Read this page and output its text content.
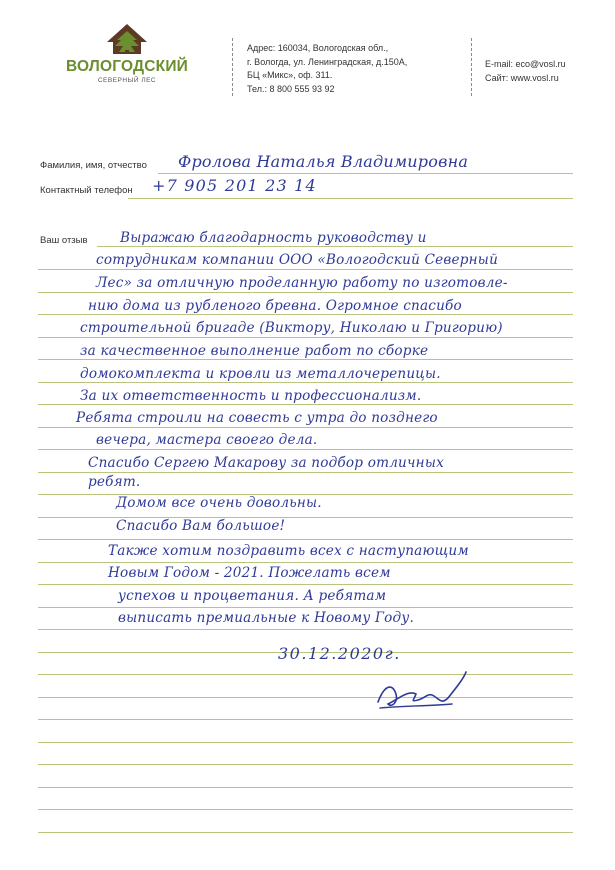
ВОЛОГОДСКИЙ
СЕВЕРНЫЙ ЛЕС
Адрес: 160034, Вологодская обл.,
г. Вологда, ул. Ленинградская, д.150А,
БЦ «Микс», оф. 311.
Тел.: 8 800 555 93 92
E-mail: eco@vosl.ru
Сайт: www.vosl.ru
Фамилия, имя, отчество
Контактный телефон
Ваш отзыв
Фролова Наталья Владимировна
+7 905 201 23 14
Выражаю благодарность руководству и
сотрудникам компании ООО «Вологодский Северный
Лес» за отличную проделанную работу по изготовле-
нию дома из рубленого бревна. Огромное спасибо
строительной бригаде (Виктору, Николаю и Григорию)
за качественное выполнение работ по сборке
домокомплекта и кровли из металлочерепицы.
За их ответственность и профессионализм.
Ребята строили на совесть с утра до позднего
вечера, мастера своего дела.
Спасибо Сергею Макарову за подбор отличных
ребят.
Домом все очень довольны.
Спасибо Вам большое!
Также хотим поздравить всех с наступающим
Новым Годом - 2021. Пожелать всем
успехов и процветания. А ребятам
выписать премиальные к Новому Году.
30.12.2020г.
